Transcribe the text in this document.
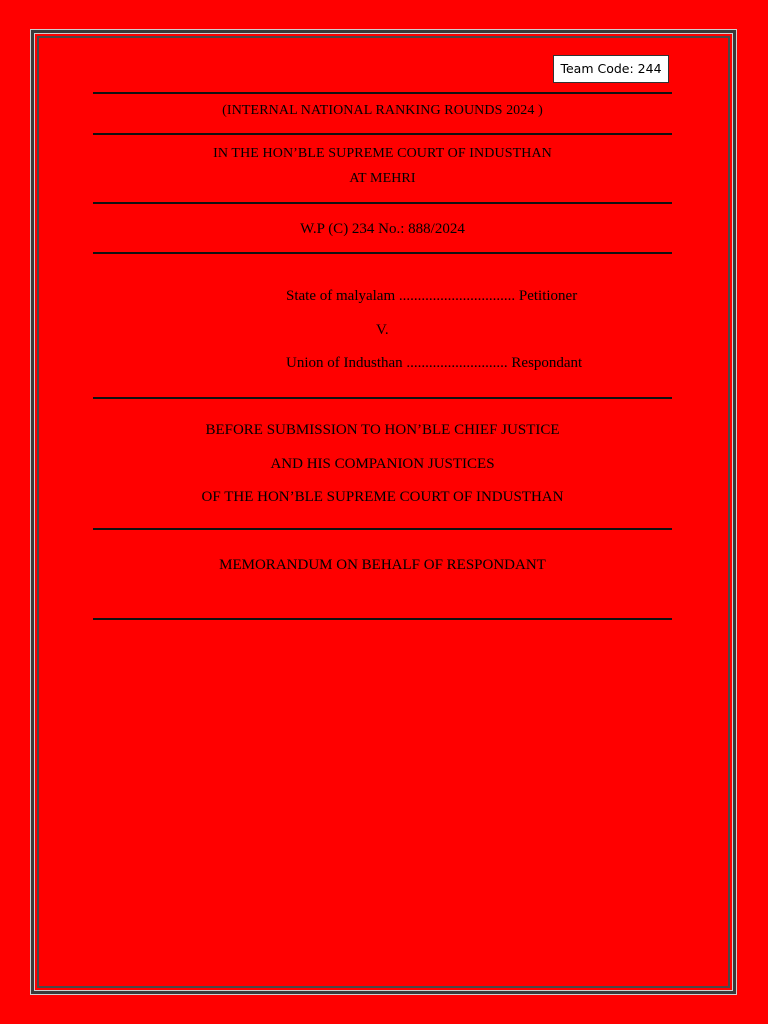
Team Code: 244
(INTERNAL NATIONAL RANKING ROUNDS 2024 )
IN THE HON’BLE SUPREME COURT OF INDUSTHAN
AT MEHRI
W.P (C) 234 No.: 888/2024
State of malyalam ............................... Petitioner
V.
Union of Industhan ........................... Respondant
BEFORE SUBMISSION TO HON’BLE CHIEF JUSTICE
AND HIS COMPANION JUSTICES
OF THE HON’BLE SUPREME COURT OF INDUSTHAN
MEMORANDUM ON BEHALF OF RESPONDANT
